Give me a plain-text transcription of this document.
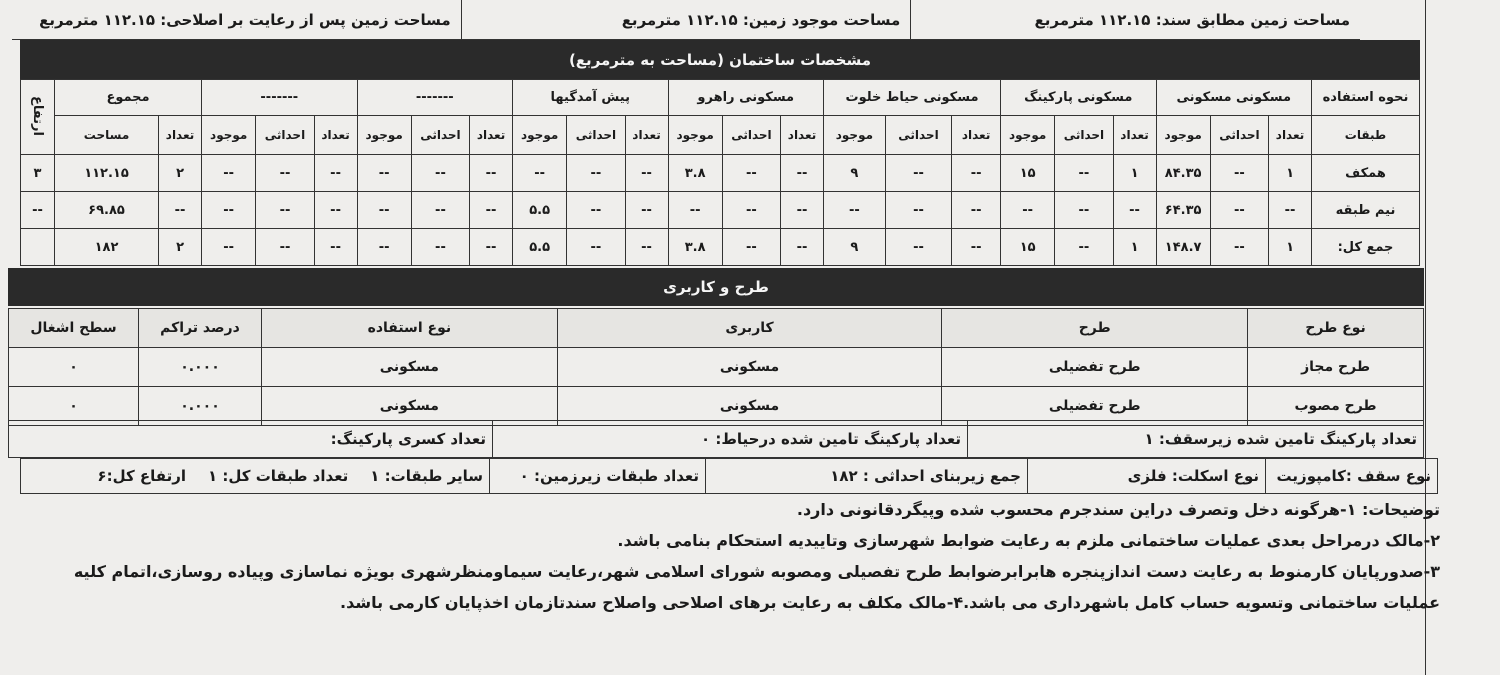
مساحت زمین مطابق سند: ۱۱۲.۱۵ مترمربع
مساحت موجود زمین: ۱۱۲.۱۵ مترمربع
مساحت زمین پس از رعایت بر اصلاحی: ۱۱۲.۱۵ مترمربع
مشخصات ساختمان (مساحت به مترمربع)
نحوه استفاده	مسکونی مسکونی			مسکونی پارکینگ			مسکونی حیاط خلوت			مسکونی راهرو			پیش آمدگیها			-------			-------			مجموع		ارتفاع
طبقات	تعداد	احداثی	موجود	تعداد	احداثی	موجود	تعداد	احداثی	موجود	تعداد	احداثی	موجود	تعداد	احداثی	موجود	تعداد	احداثی	موجود	تعداد	احداثی	موجود	تعداد	مساحت	
همکف	۱	--	۸۴.۳۵	۱	--	۱۵	--	--	۹	--	--	۳.۸	--	--	--	--	--	--	--	--	--	۲	۱۱۲.۱۵	۳
نیم طبقه	--	--	۶۴.۳۵	--	--	--	--	--	--	--	--	--	--	--	۵.۵	--	--	--	--	--	--	--	۶۹.۸۵	--
جمع کل:	۱	--	۱۴۸.۷	۱	--	۱۵	--	--	۹	--	--	۳.۸	--	--	۵.۵	--	--	--	--	--	--	۲	۱۸۲	
طرح و کاربری
نوع طرح	طرح	کاربری	نوع استفاده	درصد تراکم	سطح اشغال
طرح مجاز	طرح تفضیلی	مسکونی	مسکونی	۰.۰۰۰	۰
طرح مصوب	طرح تفضیلی	مسکونی	مسکونی	۰.۰۰۰	۰
تعداد پارکینگ تامین شده زیرسقف: ۱
تعداد پارکینگ تامین شده درحیاط: ۰
تعداد کسری پارکینگ:
نوع سقف :کامپوزیت
نوع اسکلت: فلزی
جمع زیربنای احداثی : ۱۸۲
تعداد طبقات زیرزمین: ۰
سایر طبقات: ۱
تعداد طبقات کل: ۱
ارتفاع کل:۶

توضیحات: ۱-هرگونه دخل وتصرف دراین سندجرم محسوب شده وپیگردقانونی دارد.

۲-مالک درمراحل بعدی عملیات ساختمانی ملزم به رعایت ضوابط شهرسازی وتاییدیه استحکام بنامی باشد.

۳-صدورپایان کارمنوط به رعایت دست اندازپنجره هابرابرضوابط طرح تفصیلی ومصوبه شورای اسلامی شهر،رعایت سیماومنظرشهری بویژه نماسازی وپیاده روسازی،اتمام کلیه

عملیات ساختمانی وتسویه حساب کامل باشهرداری می باشد.۴-مالک مکلف به رعایت برهای اصلاحی واصلاح سندتازمان اخذپایان کارمی باشد.
